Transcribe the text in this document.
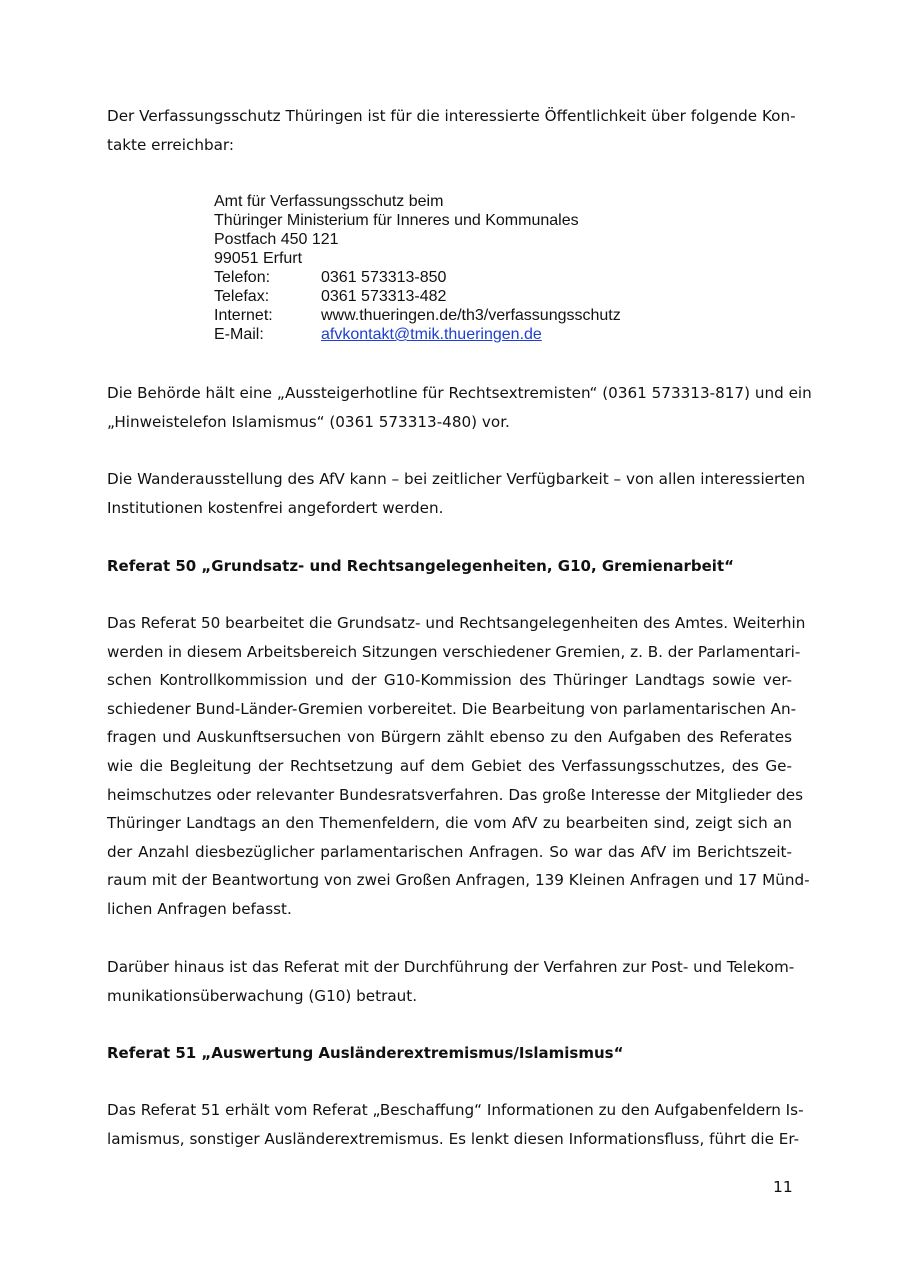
Der Verfassungsschutz Thüringen ist für die interessierte Öffentlichkeit über folgende Kon-
takte erreichbar:

Die Behörde hält eine „Aussteigerhotline für Rechtsextremisten“ (0361 573313-817) und ein
„Hinweistelefon Islamismus“ (0361 573313-480) vor.

Die Wanderausstellung des AfV kann – bei zeitlicher Verfügbarkeit – von allen interessierten
Institutionen kostenfrei angefordert werden.

Referat 50 „Grundsatz- und Rechtsangelegenheiten, G10, Gremienarbeit“

Das Referat 50 bearbeitet die Grundsatz- und Rechtsangelegenheiten des Amtes. Weiterhin
werden in diesem Arbeitsbereich Sitzungen verschiedener Gremien, z. B. der Parlamentari-
schen Kontrollkommission und der G10-Kommission des Thüringer Landtags sowie ver-
schiedener Bund-Länder-Gremien vorbereitet. Die Bearbeitung von parlamentarischen An-
fragen und Auskunftsersuchen von Bürgern zählt ebenso zu den Aufgaben des Referates
wie die Begleitung der Rechtsetzung auf dem Gebiet des Verfassungsschutzes, des Ge-
heimschutzes oder relevanter Bundesratsverfahren. Das große Interesse der Mitglieder des
Thüringer Landtags an den Themenfeldern, die vom AfV zu bearbeiten sind, zeigt sich an
der Anzahl diesbezüglicher parlamentarischen Anfragen. So war das AfV im Berichtszeit-
raum mit der Beantwortung von zwei Großen Anfragen, 139 Kleinen Anfragen und 17 Münd-
lichen Anfragen befasst.

Darüber hinaus ist das Referat mit der Durchführung der Verfahren zur Post- und Telekom-
munikationsüberwachung (G10) betraut.

Referat 51 „Auswertung Ausländerextremismus/Islamismus“

Das Referat 51 erhält vom Referat „Beschaffung“ Informationen zu den Aufgabenfeldern Is-
lamismus, sonstiger Ausländerextremismus. Es lenkt diesen Informationsfluss, führt die Er-

Amt für Verfassungsschutz beim
Thüringer Ministerium für Inneres und Kommunales
Postfach 450 121
99051 Erfurt
Telefon:	0361 573313-850
Telefax:	0361 573313-482
Internet:	www.thueringen.de/th3/verfassungsschutz
E-Mail:	afvkontakt@tmik.thueringen.de
11
